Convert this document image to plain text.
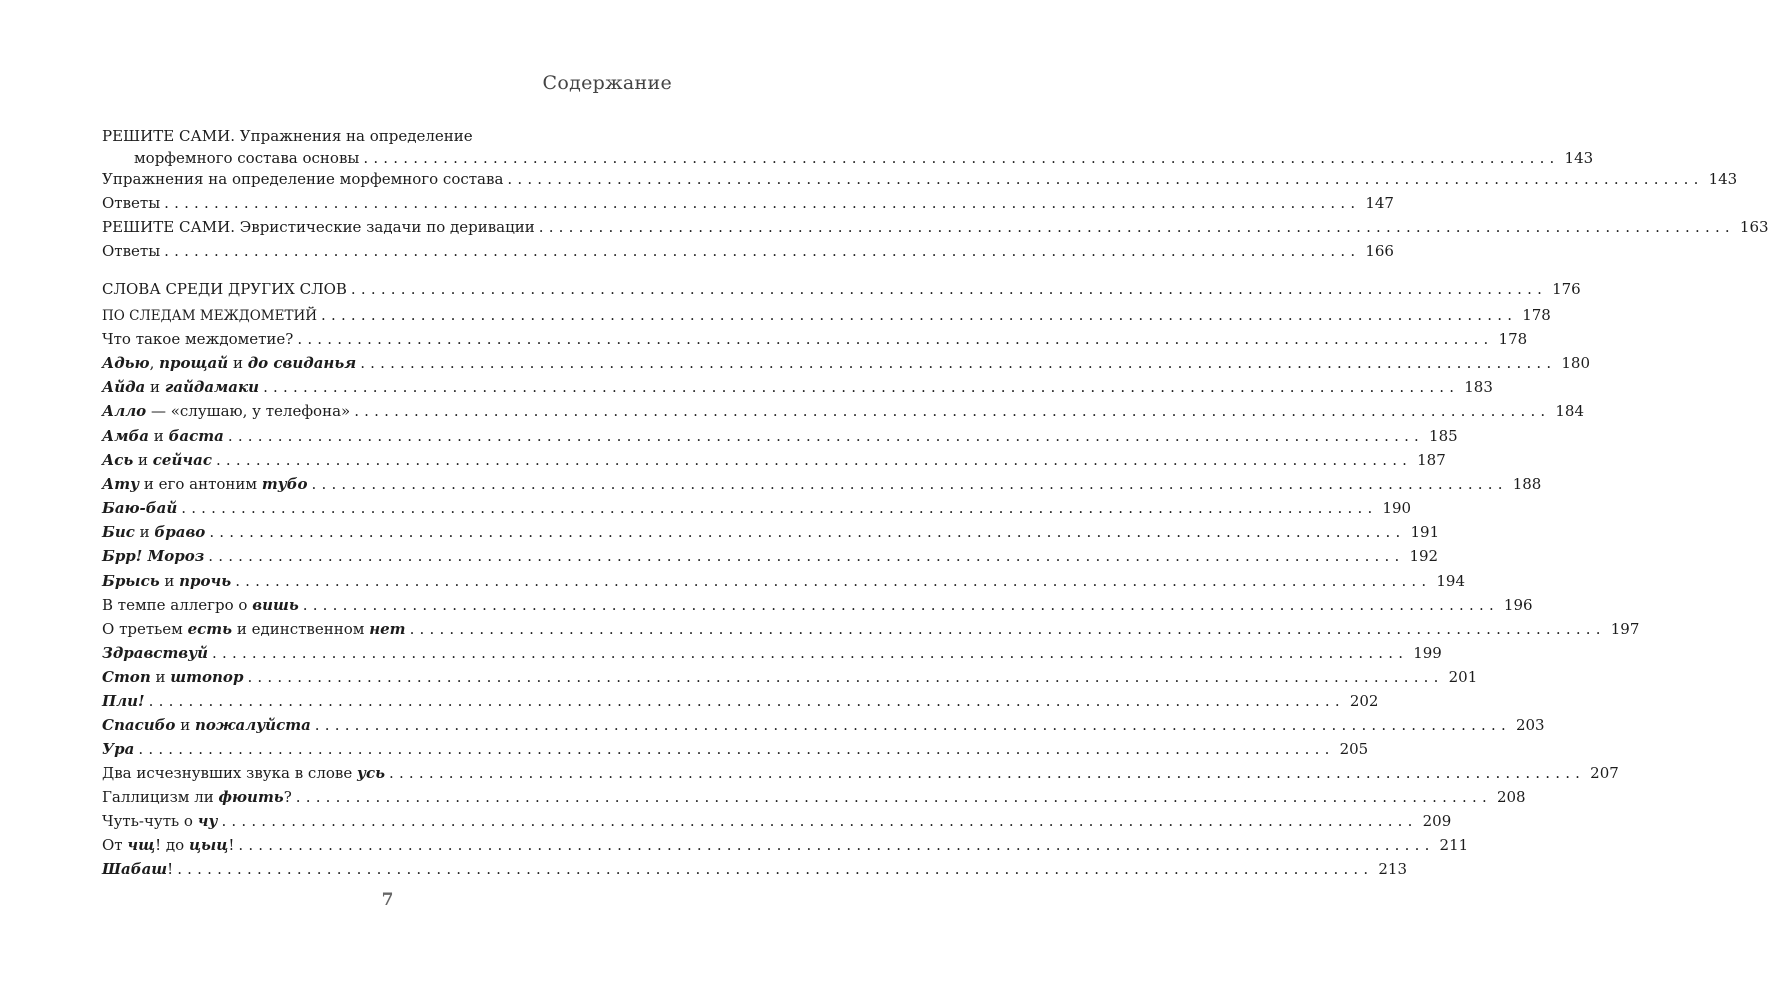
Содержание
РЕШИТЕ САМИ. Упражнения на определение
морфемного состава основы ........................................................................................................................ 143
Упражнения на определение морфемного состава ........................................................................................................................ 143
Ответы ........................................................................................................................ 147
РЕШИТЕ САМИ. Эвристические задачи по деривации ........................................................................................................................ 163
Ответы ........................................................................................................................ 166
СЛОВА СРЕДИ ДРУГИХ СЛОВ ........................................................................................................................ 176
ПО СЛЕДАМ МЕЖДОМЕТИЙ ........................................................................................................................ 178
Что такое междометие? ........................................................................................................................ 178
Адью, прощай и до свиданья ........................................................................................................................ 180
Айда и гайдамаки ........................................................................................................................ 183
Алло — «слушаю, у телефона» ........................................................................................................................ 184
Амба и баста ........................................................................................................................ 185
Ась и сейчас ........................................................................................................................ 187
Ату и его антоним тубо ........................................................................................................................ 188
Баю-бай ........................................................................................................................ 190
Бис и браво ........................................................................................................................ 191
Брр! Мороз ........................................................................................................................ 192
Брысь и прочь ........................................................................................................................ 194
В темпе аллегро о вишь ........................................................................................................................ 196
О третьем есть и единственном нет ........................................................................................................................ 197
Здравствуй ........................................................................................................................ 199
Стоп и штопор ........................................................................................................................ 201
Пли! ........................................................................................................................ 202
Спасибо и пожалуйста ........................................................................................................................ 203
Ура ........................................................................................................................ 205
Два исчезнувших звука в слове усь ........................................................................................................................ 207
Галлицизм ли фюить? ........................................................................................................................ 208
Чуть-чуть о чу ........................................................................................................................ 209
От чщ! до цыц! ........................................................................................................................ 211
Шабаш! ........................................................................................................................ 213
7
